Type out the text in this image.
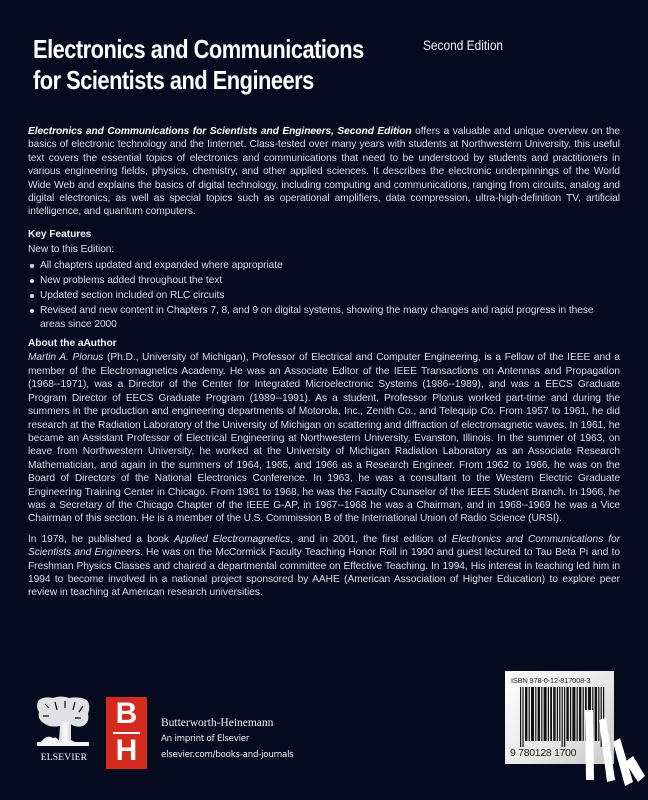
Electronics and Communications
for Scientists and Engineers
Second Edition

Electronics and Communications for Scientists and Engineers, Second Edition offers a valuable and unique overview on the basics of electronic technology and the Iinternet. Class-tested over many years with students at Northwestern University, this useful text covers the essential topics of electronics and communications that need to be understood by students and practitioners in various engineering fields, physics, chemistry, and other applied sciences. It describes the electronic underpinnings of the World Wide Web and explains the basics of digital technology, including computing and communications, ranging from circuits, analog and digital electronics, as well as special topics such as operational amplifiers, data compression, ultra-high-definition TV, artificial intelligence, and quantum computers.

Key Features
New to this Edition:
All chapters updated and expanded where appropriate
New problems added throughout the text
Updated section included on RLC circuits
Revised and new content in Chapters 7, 8, and 9 on digital systems, showing the many changes and rapid progress in these areas since 2000
About the aAuthor

Martin A. Plonus (Ph.D., University of Michigan), Professor of Electrical and Computer Engineering, is a Fellow of the IEEE and a member of the Electromagnetics Academy. He was an Associate Editor of the IEEE Transactions on Antennas and Propagation (1968--1971), was a Director of the Center for Integrated Microelectronic Systems (1986--1989), and was a EECS Graduate Program Director of EECS Graduate Program (1989--1991). As a student, Professor Plonus worked part-time and during the summers in the production and engineering departments of Motorola, Inc., Zenith Co., and Telequip Co. From 1957 to 1961, he did research at the Radiation Laboratory of the University of Michigan on scattering and diffraction of electromagnetic waves. In 1961, he became an Assistant Professor of Electrical Engineering at Northwestern University, Evanston, Illinois. In the summer of 1963, on leave from Northwestern University, he worked at the University of Michigan Radiation Laboratory as an Associate Research Mathematician, and again in the summers of 1964, 1965, and 1966 as a Research Engineer. From 1962 to 1966, he was on the Board of Directors of the National Electronics Conference. In 1963, he was a consultant to the Western Electric Graduate Engineering Training Center in Chicago. From 1961 to 1968, he was the Faculty Counselor of the IEEE Student Branch. In 1966, he was a Secretary of the Chicago Chapter of the IEEE G-AP, in 1967--1968 he was a Chairman, and in 1968--1969 he was a Vice Chairman of this section. He is a member of the U.S. Commission B of the International Union of Radio Science (URSI).

In 1978, he published a book Applied Electromagnetics, and in 2001, the first edition of Electronics and Communications for Scientists and Engineers. He was on the McCormick Faculty Teaching Honor Roll in 1990 and guest lectured to Tau Beta Pi and to Freshman Physics Classes and chaired a departmental committee on Effective Teaching. In 1994, His interest in teaching led him in 1994 to become involved in a national project sponsored by AAHE (American Association of Higher Education) to explore peer review in teaching at American research universities.

ELSEVIER
B
H
Butterworth-Heinemann
An imprint of Elsevier
elsevier.com/books-and-journals
ISBN 978-0-12-817008-3
9 780128 1700
